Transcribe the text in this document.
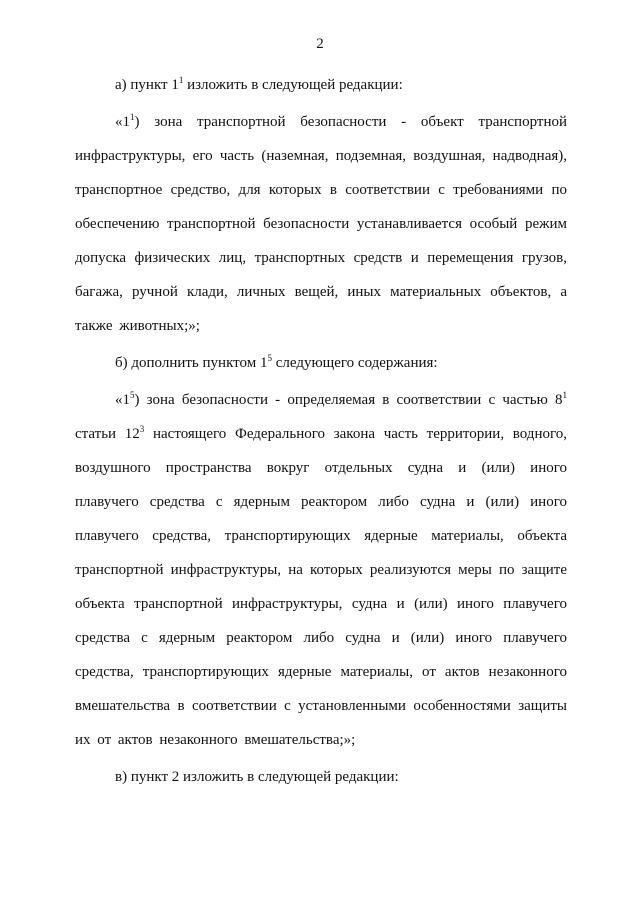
2

а) пункт $1^1$ изложить в следующей редакции:

«$1^1$) зона транспортной безопасности - объект транспортной инфраструктуры, его часть (наземная, подземная, воздушная, надводная), транспортное средство, для которых в соответствии с требованиями по обеспечению транспортной безопасности устанавливается особый режим допуска физических лиц, транспортных средств и перемещения грузов, багажа, ручной клади, личных вещей, иных материальных объектов, а также животных;»;

б) дополнить пунктом $1^5$ следующего содержания:

«$1^5$) зона безопасности - определяемая в соответствии с частью $8^1$ статьи $12^3$ настоящего Федерального закона часть территории, водного, воздушного пространства вокруг отдельных судна и (или) иного плавучего средства с ядерным реактором либо судна и (или) иного плавучего средства, транспортирующих ядерные материалы, объекта транспортной инфраструктуры, на которых реализуются меры по защите объекта транспортной инфраструктуры, судна и (или) иного плавучего средства с ядерным реактором либо судна и (или) иного плавучего средства, транспортирующих ядерные материалы, от актов незаконного вмешательства в соответствии с установленными особенностями защиты их от актов незаконного вмешательства;»;

в) пункт 2 изложить в следующей редакции:
